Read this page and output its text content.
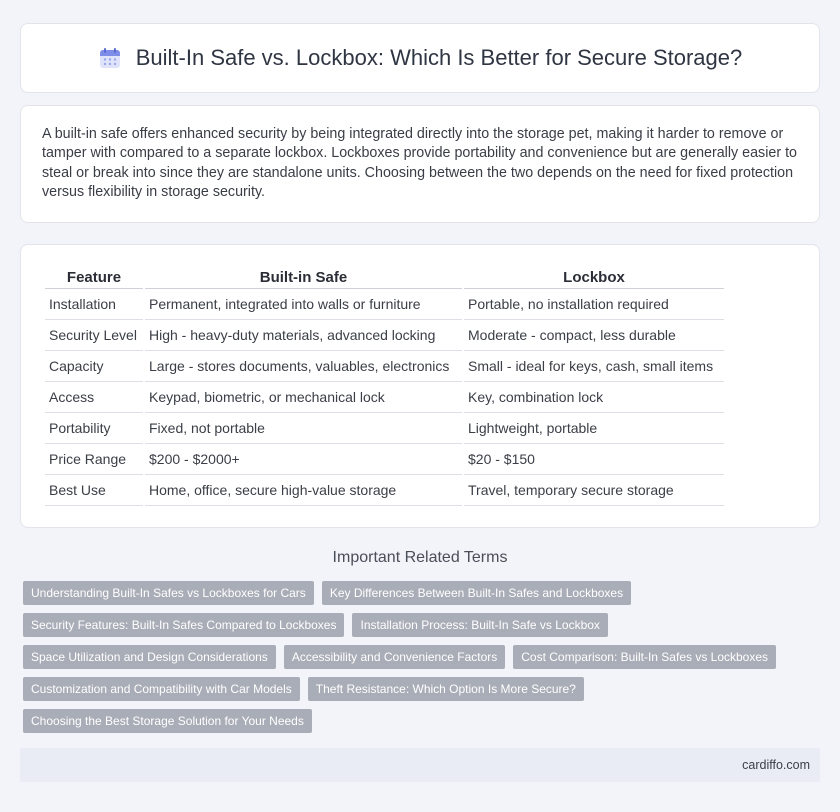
Built-In Safe vs. Lockbox: Which Is Better for Secure Storage?

A built-in safe offers enhanced security by being integrated directly into the storage pet, making it harder to remove or tamper with compared to a separate lockbox. Lockboxes provide portability and convenience but are generally easier to steal or break into since they are standalone units. Choosing between the two depends on the need for fixed protection versus flexibility in storage security.

Feature	Built-in Safe	Lockbox
Installation	Permanent, integrated into walls or furniture	Portable, no installation required
Security Level	High - heavy-duty materials, advanced locking	Moderate - compact, less durable
Capacity	Large - stores documents, valuables, electronics	Small - ideal for keys, cash, small items
Access	Keypad, biometric, or mechanical lock	Key, combination lock
Portability	Fixed, not portable	Lightweight, portable
Price Range	$200 - $2000+	$20 - $150
Best Use	Home, office, secure high-value storage	Travel, temporary secure storage
Important Related Terms
Understanding Built-In Safes vs Lockboxes for Cars	Key Differences Between Built-In Safes and Lockboxes
Security Features: Built-In Safes Compared to Lockboxes	Installation Process: Built-In Safe vs Lockbox
Space Utilization and Design Considerations	Accessibility and Convenience Factors	Cost Comparison: Built-In Safes vs Lockboxes
Customization and Compatibility with Car Models	Theft Resistance: Which Option Is More Secure?
Choosing the Best Storage Solution for Your Needs
cardiffo.com
